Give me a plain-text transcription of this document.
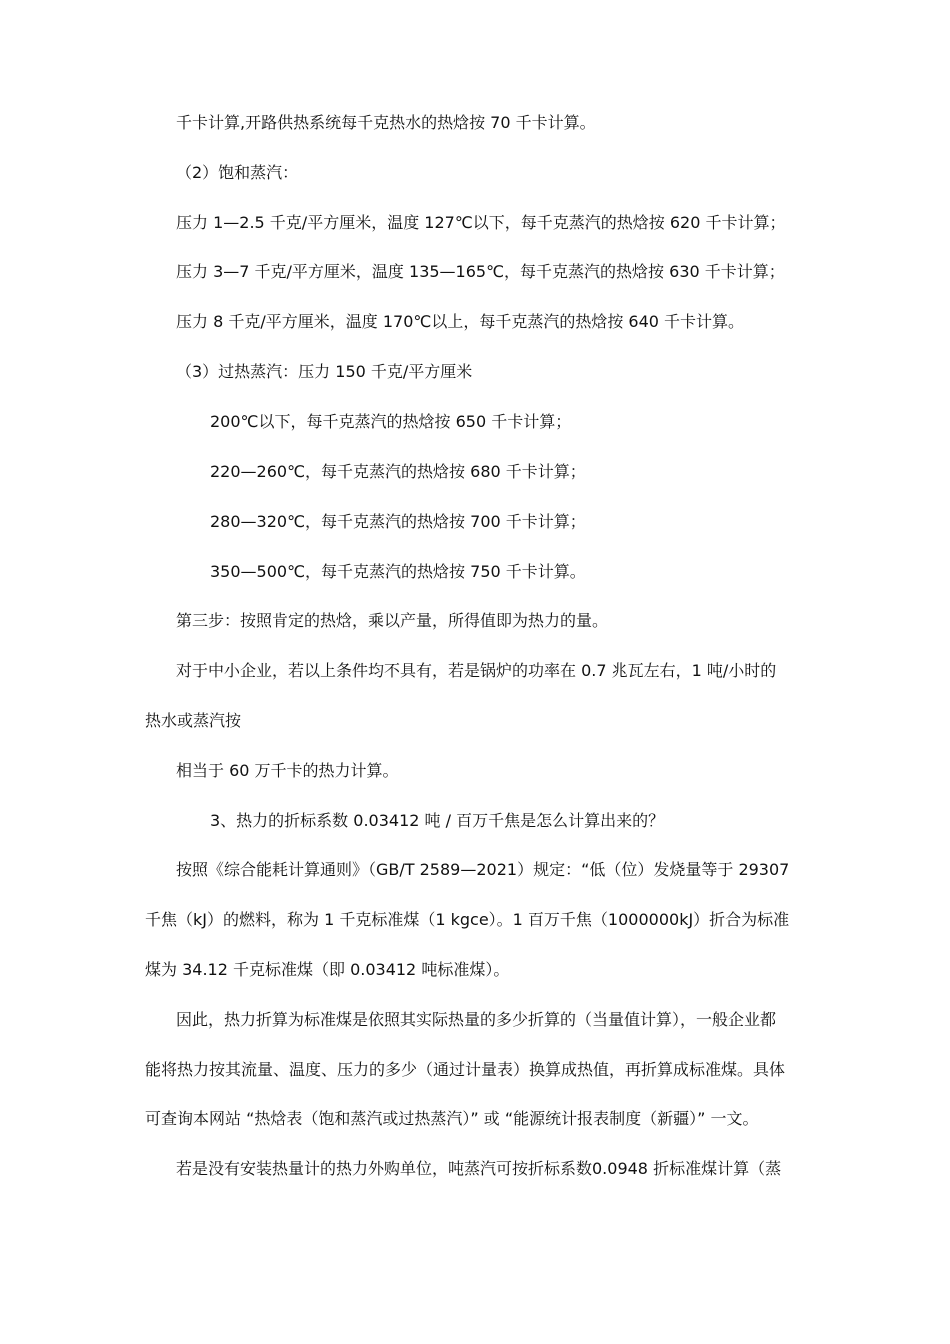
千卡计算,开路供热系统每千克热水的热焓按 70 千卡计算。
（2）饱和蒸汽：
压力 1—2.5 千克/平方厘米，温度 127℃以下，每千克蒸汽的热焓按 620 千卡计算；
压力 3—7 千克/平方厘米，温度 135—165℃，每千克蒸汽的热焓按 630 千卡计算；
压力 8 千克/平方厘米，温度 170℃以上，每千克蒸汽的热焓按 640 千卡计算。
（3）过热蒸汽：压力 150 千克/平方厘米
200℃以下，每千克蒸汽的热焓按 650 千卡计算；
220—260℃，每千克蒸汽的热焓按 680 千卡计算；
280—320℃，每千克蒸汽的热焓按 700 千卡计算；
350—500℃，每千克蒸汽的热焓按 750 千卡计算。
第三步：按照肯定的热焓，乘以产量，所得值即为热力的量。
对于中小企业，若以上条件均不具有，若是锅炉的功率在 0.7 兆瓦左右，1 吨/小时的
热水或蒸汽按
相当于 60 万千卡的热力计算。
3、热力的折标系数 0.03412 吨 / 百万千焦是怎么计算出来的？
按照《综合能耗计算通则》（GB/T 2589—2021）规定：“低（位）发烧量等于 29307
千焦（kJ）的燃料，称为 1 千克标准煤（1 kgce）。1 百万千焦（1000000kJ）折合为标准
煤为 34.12 千克标准煤（即 0.03412 吨标准煤）。
因此，热力折算为标准煤是依照其实际热量的多少折算的（当量值计算），一般企业都
能将热力按其流量、温度、压力的多少（通过计量表）换算成热值，再折算成标准煤。具体
可查询本网站 “热焓表（饱和蒸汽或过热蒸汽）” 或 “能源统计报表制度（新疆）” 一文。
若是没有安装热量计的热力外购单位，吨蒸汽可按折标系数0.0948 折标准煤计算（蒸
